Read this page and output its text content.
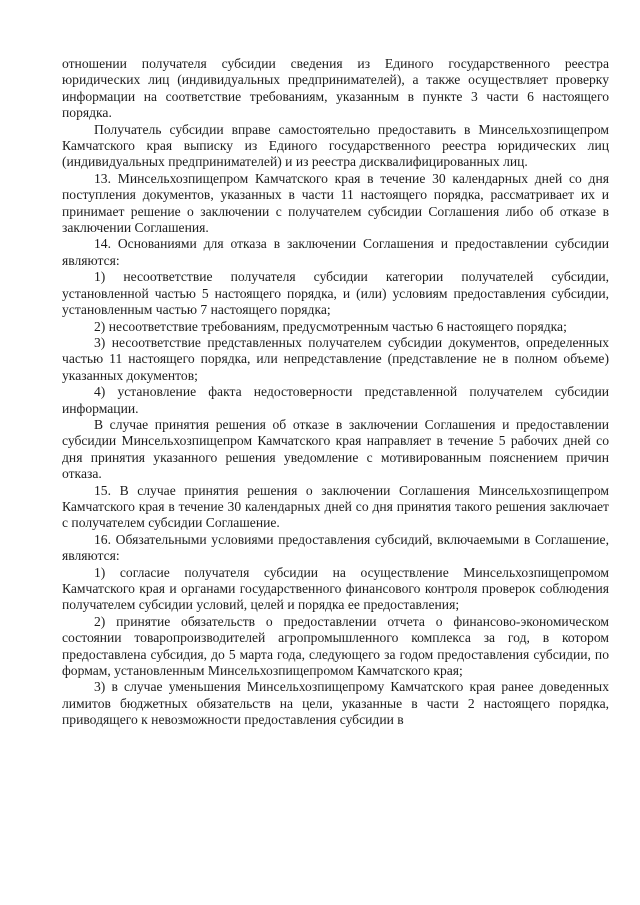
отношении получателя субсидии сведения из Единого государственного реестра юридических лиц (индивидуальных предпринимателей), а также осуществляет проверку информации на соответствие требованиям, указанным в пункте 3 части 6 настоящего порядка.

Получатель субсидии вправе самостоятельно предоставить в Минсельхозпищепром Камчатского края выписку из Единого государственного реестра юридических лиц (индивидуальных предпринимателей) и из реестра дисквалифицированных лиц.

13. Минсельхозпищепром Камчатского края в течение 30 календарных дней со дня поступления документов, указанных в части 11 настоящего порядка, рассматривает их и принимает решение о заключении с получателем субсидии Соглашения либо об отказе в заключении Соглашения.

14. Основаниями для отказа в заключении Соглашения и предоставлении субсидии являются:

1) несоответствие получателя субсидии категории получателей субсидии, установленной частью 5 настоящего порядка, и (или) условиям предоставления субсидии, установленным частью 7 настоящего порядка;

2) несоответствие требованиям, предусмотренным частью 6 настоящего порядка;

3) несоответствие представленных получателем субсидии документов, определенных частью 11 настоящего порядка, или непредставление (представление не в полном объеме) указанных документов;

4) установление факта недостоверности представленной получателем субсидии информации.

В случае принятия решения об отказе в заключении Соглашения и предоставлении субсидии Минсельхозпищепром Камчатского края направляет в течение 5 рабочих дней со дня принятия указанного решения уведомление с мотивированным пояснением причин отказа.

15. В случае принятия решения о заключении Соглашения Минсельхозпищепром Камчатского края в течение 30 календарных дней со дня принятия такого решения заключает с получателем субсидии Соглашение.

16. Обязательными условиями предоставления субсидий, включаемыми в Соглашение, являются:

1) согласие получателя субсидии на осуществление Минсельхозпищепромом Камчатского края и органами государственного финансового контроля проверок соблюдения получателем субсидии условий, целей и порядка ее предоставления;

2) принятие обязательств о предоставлении отчета о финансово-экономическом состоянии товаропроизводителей агропромышленного комплекса за год, в котором предоставлена субсидия, до 5 марта года, следующего за годом предоставления субсидии, по формам, установленным Минсельхозпищепромом Камчатского края;

3) в случае уменьшения Минсельхозпищепрому Камчатского края ранее доведенных лимитов бюджетных обязательств на цели, указанные в части 2 настоящего порядка, приводящего к невозможности предоставления субсидии в
